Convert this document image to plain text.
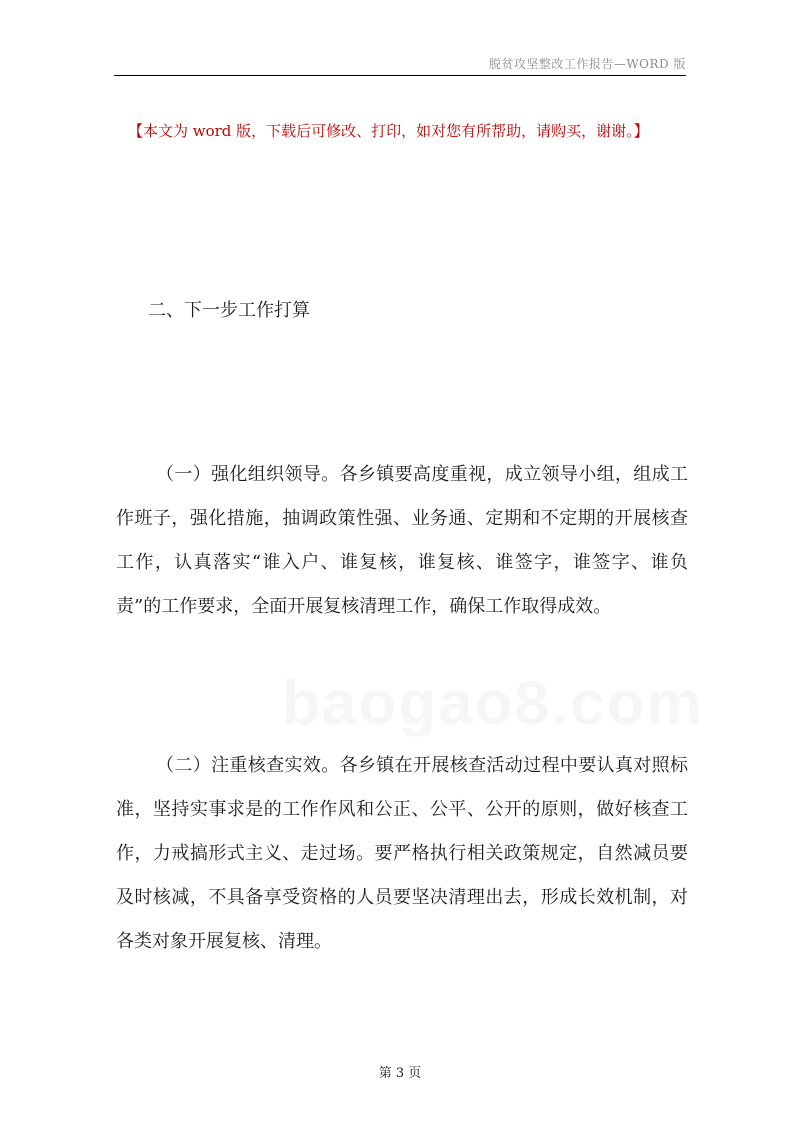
脱贫攻坚整改工作报告—WORD 版
【本文为 word 版，下载后可修改、打印，如对您有所帮助，请购买，谢谢。】
二、下一步工作打算

（一）强化组织领导。各乡镇要高度重视，成立领导小组，组成工作班子，强化措施，抽调政策性强、业务通、定期和不定期的开展核查工作，认真落实“谁入户、谁复核，谁复核、谁签字，谁签字、谁负责”的工作要求，全面开展复核清理工作，确保工作取得成效。

（二）注重核查实效。各乡镇在开展核查活动过程中要认真对照标准，坚持实事求是的工作作风和公正、公平、公开的原则，做好核查工作，力戒搞形式主义、走过场。要严格执行相关政策规定，自然减员要及时核减，不具备享受资格的人员要坚决清理出去，形成长效机制，对各类对象开展复核、清理。

第 3 页
